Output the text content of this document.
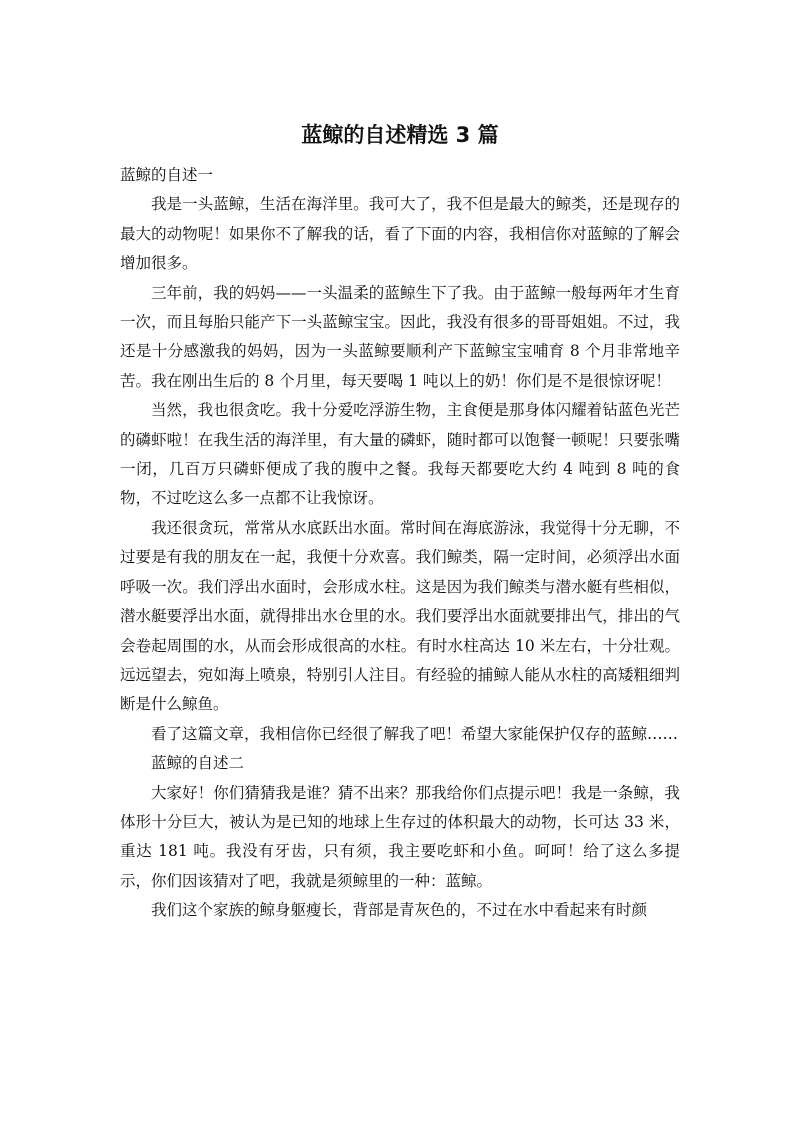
蓝鲸的自述精选 3 篇

蓝鲸的自述一

我是一头蓝鲸，生活在海洋里。我可大了，我不但是最大的鲸类，还是现存的最大的动物呢！如果你不了解我的话，看了下面的内容，我相信你对蓝鲸的了解会增加很多。

三年前，我的妈妈——一头温柔的蓝鲸生下了我。由于蓝鲸一般每两年才生育一次，而且每胎只能产下一头蓝鲸宝宝。因此，我没有很多的哥哥姐姐。不过，我还是十分感激我的妈妈，因为一头蓝鲸要顺利产下蓝鲸宝宝哺育 8 个月非常地辛苦。我在刚出生后的 8 个月里，每天要喝 1 吨以上的奶！你们是不是很惊讶呢！

当然，我也很贪吃。我十分爱吃浮游生物，主食便是那身体闪耀着钻蓝色光芒的磷虾啦！在我生活的海洋里，有大量的磷虾，随时都可以饱餐一顿呢！只要张嘴一闭，几百万只磷虾便成了我的腹中之餐。我每天都要吃大约 4 吨到 8 吨的食物，不过吃这么多一点都不让我惊讶。

我还很贪玩，常常从水底跃出水面。常时间在海底游泳，我觉得十分无聊，不过要是有我的朋友在一起，我便十分欢喜。我们鲸类，隔一定时间，必须浮出水面呼吸一次。我们浮出水面时，会形成水柱。这是因为我们鲸类与潜水艇有些相似，潜水艇要浮出水面，就得排出水仓里的水。我们要浮出水面就要排出气，排出的气会卷起周围的水，从而会形成很高的水柱。有时水柱高达 10 米左右，十分壮观。远远望去，宛如海上喷泉，特别引人注目。有经验的捕鲸人能从水柱的高矮粗细判断是什么鲸鱼。

看了这篇文章，我相信你已经很了解我了吧！希望大家能保护仅存的蓝鲸……

蓝鲸的自述二

大家好！你们猜猜我是谁？猜不出来？那我给你们点提示吧！我是一条鲸，我体形十分巨大，被认为是已知的地球上生存过的体积最大的动物，长可达 33 米，重达 181 吨。我没有牙齿，只有须，我主要吃虾和小鱼。呵呵！给了这么多提示，你们因该猜对了吧，我就是须鲸里的一种：蓝鲸。

我们这个家族的鲸身躯瘦长，背部是青灰色的，不过在水中看起来有时颜
